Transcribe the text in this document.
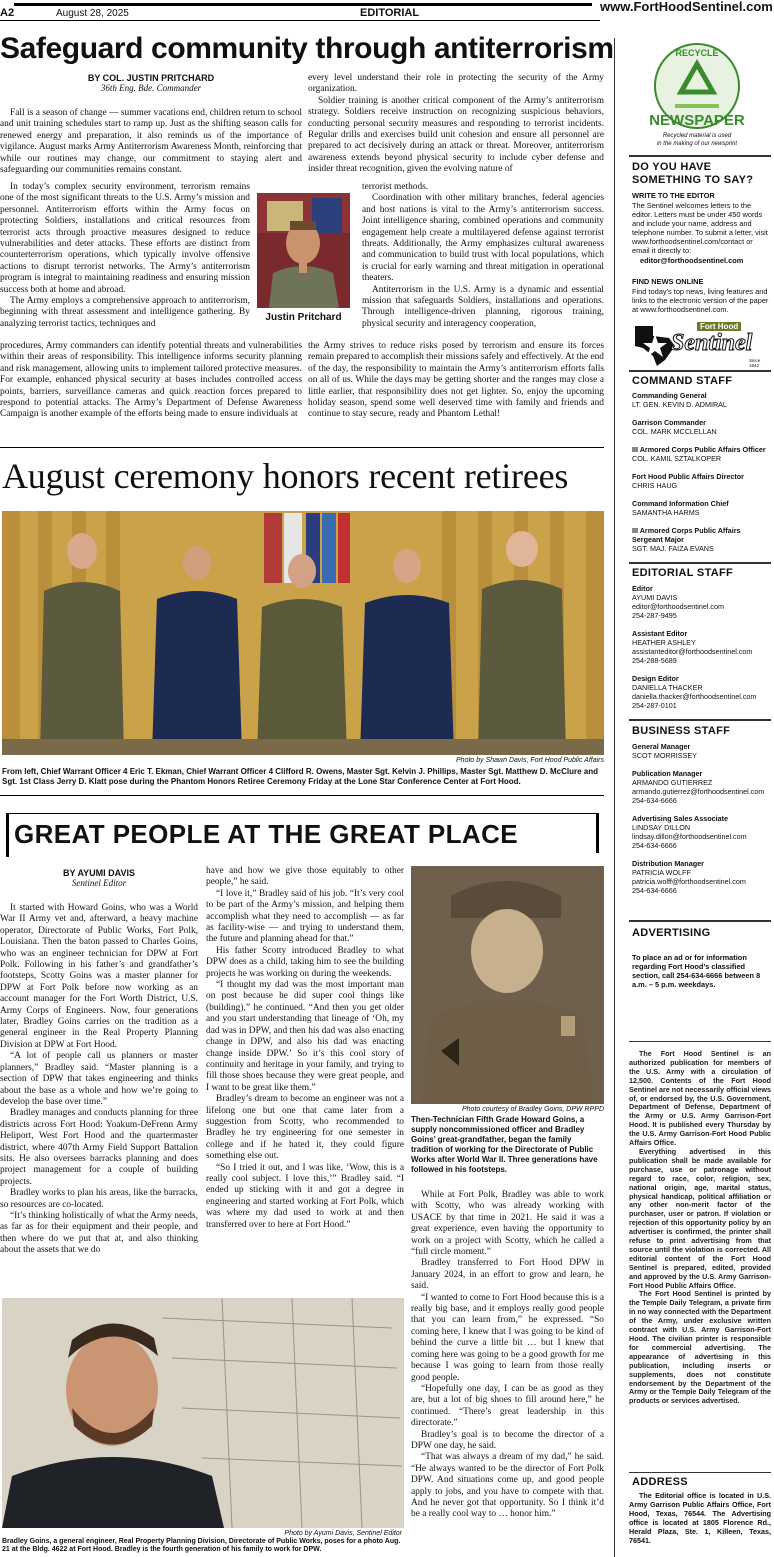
A2	August 28, 2025	EDITORIAL	www.FortHoodSentinel.com
Safeguard community through antiterrorism
BY COL. JUSTIN PRITCHARD
36th Eng. Bde. Commander

Fall is a season of change — summer vacations end, children return to school and unit training schedules start to ramp up. Just as the shifting season calls for renewed energy and preparation, it also reminds us of the importance of vigilance. August marks Army Antiterrorism Awareness Month, reinforcing that while our routines may change, our commitment to staying alert and safeguarding our communities remains constant.

In today’s complex security environment, terrorism remains one of the most significant threats to the U.S. Army’s mission and personnel. Antiterrorism efforts within the Army focus on protecting Soldiers, installations and critical resources from terrorist acts through proactive measures designed to reduce vulnerabilities and deter attacks. These efforts are distinct from counterterrorism operations, which typically involve offensive actions to disrupt terrorist networks. The Army’s antiterrorism program is integral to maintaining readiness and ensuring mission success both at home and abroad.

The Army employs a comprehensive approach to antiterrorism, beginning with threat assessment and intelligence gathering. By analyzing terrorist tactics, techniques and

procedures, Army commanders can identify potential threats and vulnerabilities within their areas of responsibility. This intelligence informs security planning and risk management, allowing units to implement tailored protective measures. For example, enhanced physical security at bases includes controlled access points, barriers, surveillance cameras and quick reaction forces prepared to respond to potential attacks. The Army’s Department of Defense Awareness Campaign is another example of the efforts being made to ensure individuals at

Justin Pritchard

every level understand their role in protecting the security of the Army organization.

Soldier training is another critical component of the Army’s antiterrorism strategy. Soldiers receive instruction on recognizing suspicious behaviors, conducting personal security measures and responding to terrorist incidents. Regular drills and exercises build unit cohesion and ensure all personnel are prepared to act decisively during an attack or threat. Moreover, antiterrorism awareness extends beyond physical security to include cyber defense and insider threat recognition, given the evolving nature of

terrorist methods.

Coordination with other military branches, federal agencies and host nations is vital to the Army’s antiterrorism success. Joint intelligence sharing, combined operations and community engagement help create a multilayered defense against terrorist threats. Additionally, the Army emphasizes cultural awareness and communication to build trust with local populations, which is crucial for early warning and threat mitigation in operational theaters.

Antiterrorism in the U.S. Army is a dynamic and essential mission that safeguards Soldiers, installations and operations. Through intelligence-driven planning, rigorous training, physical security and interagency cooperation,

the Army strives to reduce risks posed by terrorism and ensure its forces remain prepared to accomplish their missions safely and effectively. At the end of the day, the responsibility to maintain the Army’s antiterrorism efforts falls on all of us. While the days may be getting shorter and the ranges may close a little earlier, that responsibility does not get lighter. So, enjoy the upcoming holiday season, spend some well deserved time with family and friends and continue to stay secure, ready and Phantom Lethal!

August ceremony honors recent retirees
Photo by Shawn Davis, Fort Hood Public Affairs
From left, Chief Warrant Officer 4 Eric T. Ekman, Chief Warrant Officer 4 Clifford R. Owens, Master Sgt. Kelvin J. Phillips, Master Sgt. Matthew D. McClure and Sgt. 1st Class Jerry D. Klatt pose during the Phantom Honors Retiree Ceremony Friday at the Lone Star Conference Center at Fort Hood.
GREAT PEOPLE AT THE GREAT PLACE
BY AYUMI DAVIS
Sentinel Editor

It started with Howard Goins, who was a World War II Army vet and, afterward, a heavy machine operator, Directorate of Public Works, Fort Polk, Louisiana. Then the baton passed to Charles Goins, who was an engineer technician for DPW at Fort Polk. Following in his father’s and grandfather’s footsteps, Scotty Goins was a master planner for DPW at Fort Polk before now working as an account manager for the Fort Worth District, U.S. Army Corps of Engineers. Now, four generations later, Bradley Goins carries on the tradition as a general engineer in the Real Property Planning Division at DPW at Fort Hood.

“A lot of people call us planners or master planners,” Bradley said. “Master planning is a section of DPW that takes engineering and thinks about the base as a whole and how we’re going to develop the base over time.”

Bradley manages and conducts planning for three districts across Fort Hood: Yoakum-DeFrenn Army Heliport, West Fort Hood and the quartermaster district, where 407th Army Field Support Battalion sits. He also oversees barracks planning and does project management for a couple of building projects.

Bradley works to plan his areas, like the barracks, so resources are co-located.

“It’s thinking holistically of what the Army needs, as far as for their equipment and their people, and then where do we put that at, and also thinking about the assets that we do

have and how we give those equitably to other people,” he said.

“I love it,” Bradley said of his job. “It’s very cool to be part of the Army’s mission, and helping them accomplish what they need to accomplish — as far as facility-wise — and trying to understand them, the future and planning ahead for that.”

His father Scotty introduced Bradley to what DPW does as a child, taking him to see the building projects he was working on during the weekends.

“I thought my dad was the most important man on post because he did super cool things like (building),” he continued. “And then you get older and you start understanding that lineage of ‘Oh, my dad was in DPW, and then his dad was also enacting change in DPW, and also his dad was enacting change inside DPW.’ So it’s this cool story of continuity and heritage in your family, and trying to fill those shoes because they were great people, and I want to be great like them.”

Bradley’s dream to become an engineer was not a lifelong one but one that came later from a suggestion from Scotty, who recommended to Bradley he try engineering for one semester in college and if he hated it, they could figure something else out.

“So I tried it out, and I was like, ‘Wow, this is a really cool subject. I love this,’” Bradley said. “I ended up sticking with it and got a degree in engineering and started working at Fort Polk, which was where my dad used to work at and then transferred over to here at Fort Hood.”

Photo courtesy of Bradley Goins, DPW RPPD
Then-Technician Fifth Grade Howard Goins, a supply noncommissioned officer and Bradley Goins’ great-grandfather, began the family tradition of working for the Directorate of Public Works after World War II. Three generations have followed in his footsteps.

While at Fort Polk, Bradley was able to work with Scotty, who was already working with USACE by that time in 2021. He said it was a great experience, even having the opportunity to work on a project with Scotty, which he called a “full circle moment.”

Bradley transferred to Fort Hood DPW in January 2024, in an effort to grow and learn, he said.

“I wanted to come to Fort Hood because this is a really big base, and it employs really good people that you can learn from,” he expressed. “So coming here, I knew that I was going to be kind of behind the curve a little bit … but I knew that coming here was going to be a good growth for me because I was going to learn from those really good people.

“Hopefully one day, I can be as good as they are, but a lot of big shoes to fill around here,” he continued. “There’s great leadership in this directorate.”

Bradley’s goal is to become the director of a DPW one day, he said.

“That was always a dream of my dad,” he said. “He always wanted to be the director of Fort Polk DPW. And situations come up, and good people apply to jobs, and you have to compete with that. And he never got that opportunity. So I think it’d be a really cool way to … honor him.”

Photo by Ayumi Davis, Sentinel Editor
Bradley Goins, a general engineer, Real Property Planning Division, Directorate of Public Works, poses for a photo Aug. 21 at the Bldg. 4622 at Fort Hood. Bradley is the fourth generation of his family to work for DPW.
RECYCLE
NEWSPAPER
Recycled material is used
in the making of our newsprint
DO YOU HAVE
SOMETHING TO SAY?
WRITE TO THE EDITOR
The Sentinel welcomes letters to the editor. Letters must be under 450 words and include your name, address and telephone number. To submit a letter, visit www.forthoodsentinel.com/contact or email it directly to:
editor@forthoodsentinel.com
FIND NEWS ONLINE
Find today’s top news, living features and links to the electronic version of the paper at www.forthoodsentinel.com.
Fort Hood
Sentinel
Since 1942
COMMAND STAFF
Commanding General
LT. GEN. KEVIN D. ADMIRAL
Garrison Commander
COL. MARK MCCLELLAN
III Armored Corps Public Affairs Officer
COL. KAMIL SZTALKOPER
Fort Hood Public Affairs Director
CHRIS HAUG
Command Information Chief
SAMANTHA HARMS
III Armored Corps Public Affairs Sergeant Major
SGT. MAJ. FAIZA EVANS
EDITORIAL STAFF
Editor
AYUMI DAVIS
editor@forthoodsentinel.com
254-287-9495
Assistant Editor
HEATHER ASHLEY
assistanteditor@forthoodsentinel.com
254-288-5689
Design Editor
DANIELLA THACKER
daniella.thacker@forthoodsentinel.com
254-287-0101
BUSINESS STAFF
General Manager
SCOT MORRISSEY
Publication Manager
ARMANDO GUTIERREZ
armando.gutierrez@forthoodsentinel.com
254-634-6666
Advertising Sales Associate
LINDSAY DILLON
lindsay.dillon@forthoodsentinel.com
254-634-6666
Distribution Manager
PATRICIA WOLFF
patricia.wolff@forthoodsentinel.com
254-634-6666
ADVERTISING
To place an ad or for information regarding Fort Hood’s classified section, call 254-634-6666 between 8 a.m. – 5 p.m. weekdays.

The Fort Hood Sentinel is an authorized publication for members of the U.S. Army with a circulation of 12,500. Contents of the Fort Hood Sentinel are not necessarily official views of, or endorsed by, the U.S. Government, Department of Defense, Department of the Army or U.S. Army Garrison-Fort Hood. It is published every Thursday by the U.S. Army Garrison-Fort Hood Public Affairs Office.

Everything advertised in this publication shall be made available for purchase, use or patronage without regard to race, color, religion, sex, national origin, age, marital status, physical handicap, political affiliation or any other non-merit factor of the purchaser, user or patron. If violation or rejection of this opportunity policy by an advertiser is confirmed, the printer shall refuse to print advertising from that source until the violation is corrected. All editorial content of the Fort Hood Sentinel is prepared, edited, provided and approved by the U.S. Army Garrison-Fort Hood Public Affairs Office.

The Fort Hood Sentinel is printed by the Temple Daily Telegram, a private firm in no way connected with the Department of the Army, under exclusive written contract with U.S. Army Garrison-Fort Hood. The civilian printer is responsible for commercial advertising. The appearance of advertising in this publication, including inserts or supplements, does not constitute endorsement by the Department of the Army or the Temple Daily Telegram of the products or services advertised.

ADDRESS
The Editorial office is located in U.S. Army Garrison Public Affairs Office, Fort Hood, Texas, 76544. The Advertising office is located at 1805 Florence Rd., Herald Plaza, Ste. 1, Killeen, Texas, 76541.
